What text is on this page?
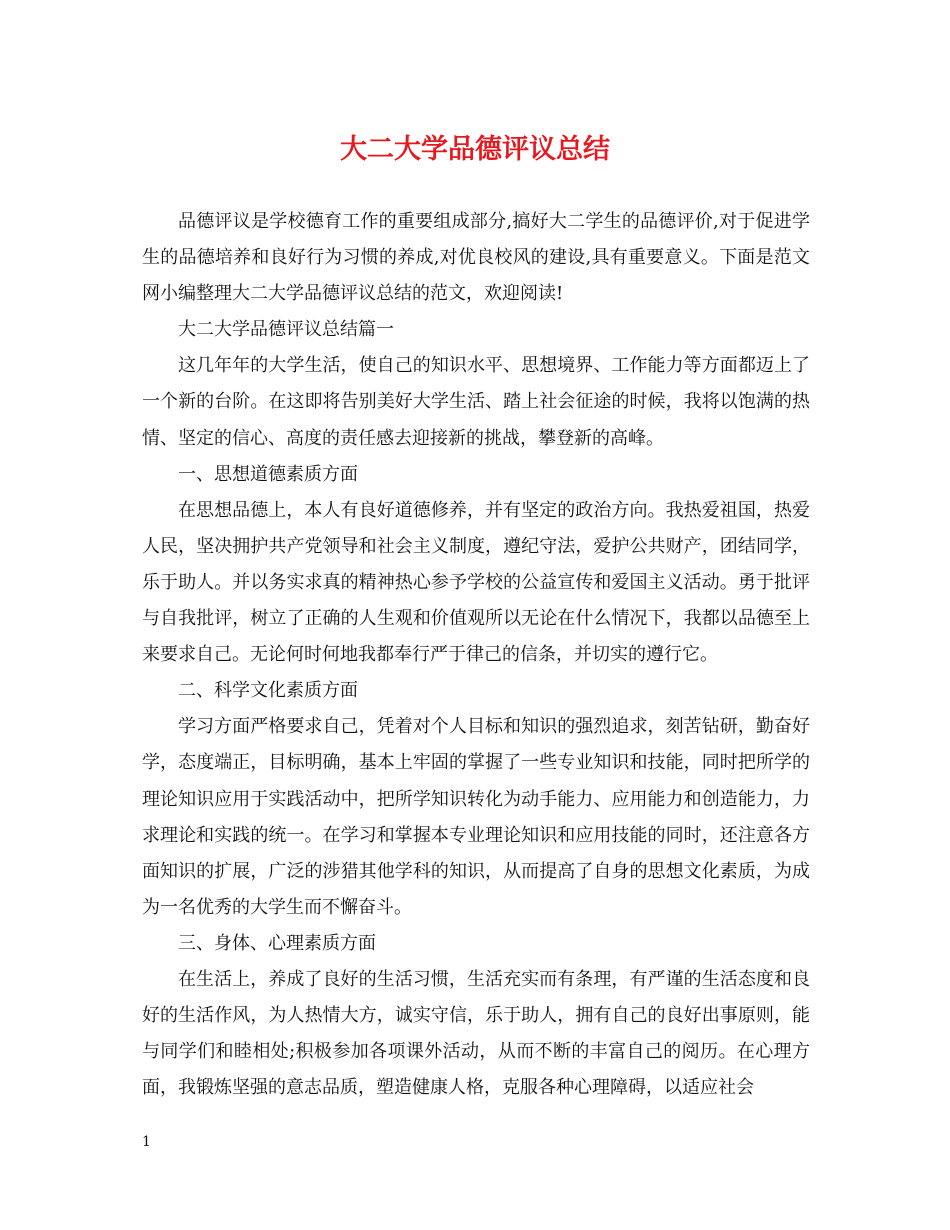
大二大学品德评议总结

品德评议是学校德育工作的重要组成部分,搞好大二学生的品德评价,对于促进学生的品德培养和良好行为习惯的养成,对优良校风的建设,具有重要意义。下面是范文网小编整理大二大学品德评议总结的范文，欢迎阅读!

大二大学品德评议总结篇一

这几年年的大学生活，使自己的知识水平、思想境界、工作能力等方面都迈上了一个新的台阶。在这即将告别美好大学生活、踏上社会征途的时候，我将以饱满的热情、坚定的信心、高度的责任感去迎接新的挑战，攀登新的高峰。

一、思想道德素质方面

在思想品德上，本人有良好道德修养，并有坚定的政治方向。我热爱祖国，热爱人民，坚决拥护共产党领导和社会主义制度，遵纪守法，爱护公共财产，团结同学，乐于助人。并以务实求真的精神热心参予学校的公益宣传和爱国主义活动。勇于批评与自我批评，树立了正确的人生观和价值观所以无论在什么情况下，我都以品德至上来要求自己。无论何时何地我都奉行严于律己的信条，并切实的遵行它。

二、科学文化素质方面

学习方面严格要求自己，凭着对个人目标和知识的强烈追求，刻苦钻研，勤奋好学，态度端正，目标明确，基本上牢固的掌握了一些专业知识和技能，同时把所学的理论知识应用于实践活动中，把所学知识转化为动手能力、应用能力和创造能力，力求理论和实践的统一。在学习和掌握本专业理论知识和应用技能的同时，还注意各方面知识的扩展，广泛的涉猎其他学科的知识，从而提高了自身的思想文化素质，为成为一名优秀的大学生而不懈奋斗。

三、身体、心理素质方面

在生活上，养成了良好的生活习惯，生活充实而有条理，有严谨的生活态度和良好的生活作风，为人热情大方，诚实守信，乐于助人，拥有自己的良好出事原则，能与同学们和睦相处;积极参加各项课外活动，从而不断的丰富自己的阅历。在心理方面，我锻炼坚强的意志品质，塑造健康人格，克服各种心理障碍，以适应社会

1
